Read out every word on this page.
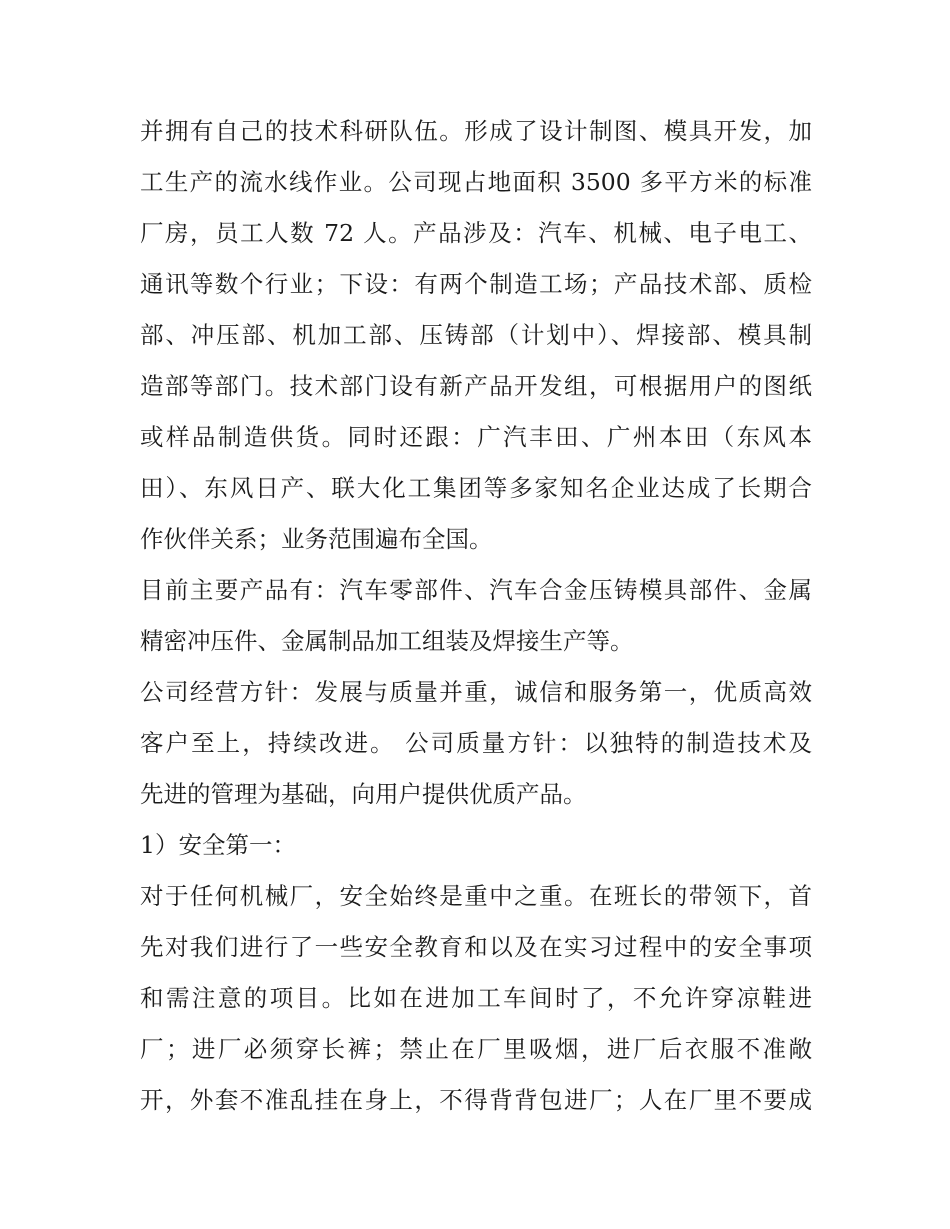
并拥有自己的技术科研队伍。形成了设计制图、模具开发，加
工生产的流水线作业。公司现占地面积 3500 多平方米的标准
厂房，员工人数 72 人。产品涉及：汽车、机械、电子电工、
通讯等数个行业；下设：有两个制造工场；产品技术部、质检
部、冲压部、机加工部、压铸部（计划中）、焊接部、模具制
造部等部门。技术部门设有新产品开发组，可根据用户的图纸
或样品制造供货。同时还跟：广汽丰田、广州本田（东风本
田）、东风日产、联大化工集团等多家知名企业达成了长期合
作伙伴关系；业务范围遍布全国。
目前主要产品有：汽车零部件、汽车合金压铸模具部件、金属
精密冲压件、金属制品加工组装及焊接生产等。
公司经营方针：发展与质量并重，诚信和服务第一，优质高效
客户至上，持续改进。 公司质量方针：以独特的制造技术及
先进的管理为基础，向用户提供优质产品。
1）安全第一：
对于任何机械厂，安全始终是重中之重。在班长的带领下，首
先对我们进行了一些安全教育和以及在实习过程中的安全事项
和需注意的项目。比如在进加工车间时了，不允许穿凉鞋进
厂；进厂必须穿长裤；禁止在厂里吸烟，进厂后衣服不准敞
开，外套不准乱挂在身上，不得背背包进厂；人在厂里不要成
